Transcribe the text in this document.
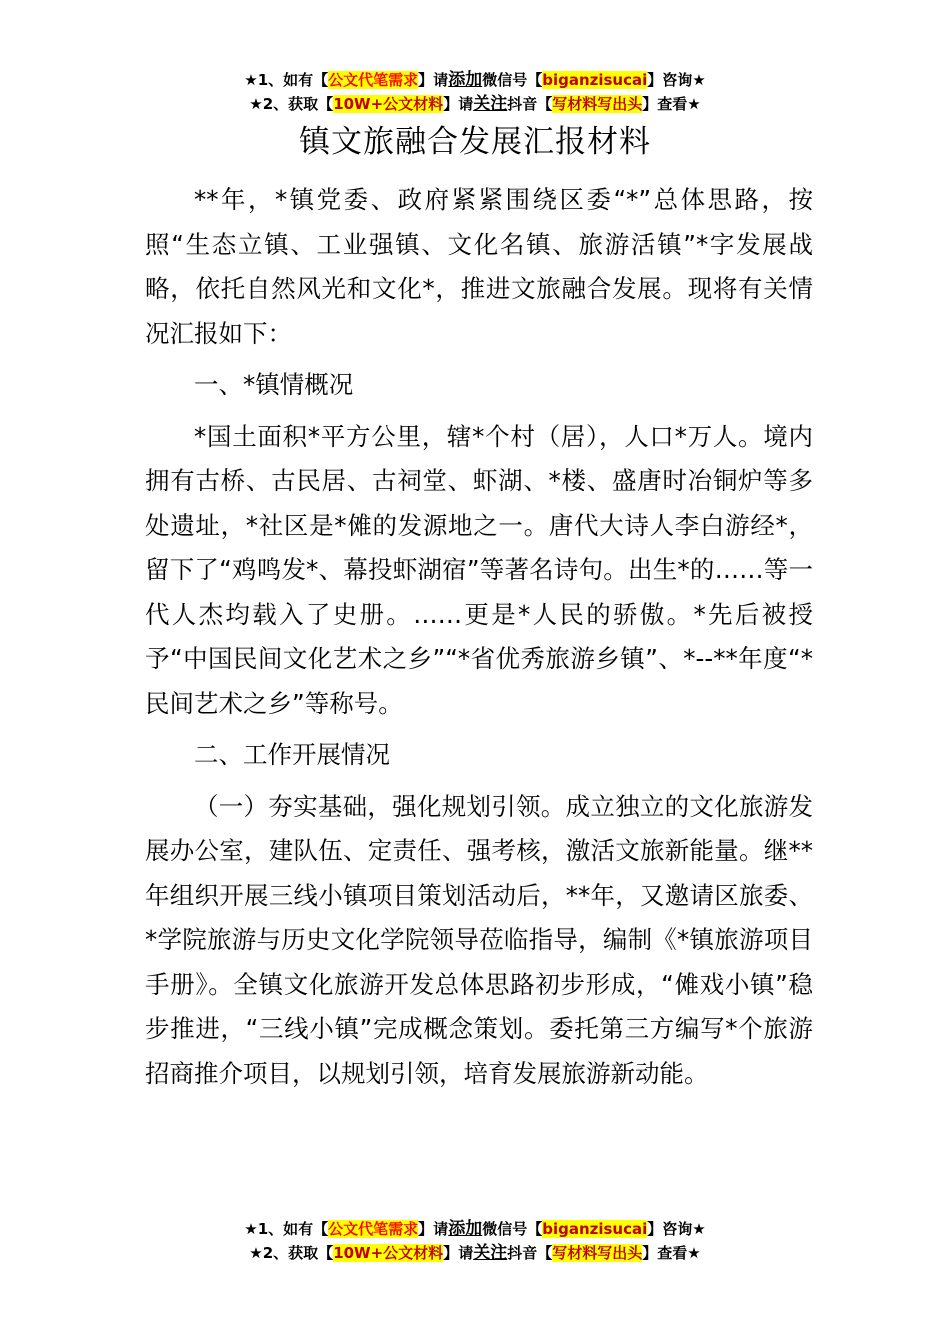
★1、如有【公文代笔需求】请添加微信号【biganzisucai】咨询★
★2、获取【10W+公文材料】请关注抖音【写材料写出头】查看★
镇文旅融合发展汇报材料

**年，*镇党委、政府紧紧围绕区委“*”总体思路，按照“生态立镇、工业强镇、文化名镇、旅游活镇”*字发展战略，依托自然风光和文化*，推进文旅融合发展。现将有关情况汇报如下：

一、*镇情概况

*国土面积*平方公里，辖*个村（居），人口*万人。境内拥有古桥、古民居、古祠堂、虾湖、*楼、盛唐时冶铜炉等多处遗址，*社区是*傩的发源地之一。唐代大诗人李白游经*，留下了“鸡鸣发*、幕投虾湖宿”等著名诗句。出生*的……等一代人杰均载入了史册。……更是*人民的骄傲。*先后被授予“中国民间文化艺术之乡”“*省优秀旅游乡镇”、*--**年度“*民间艺术之乡”等称号。

二、工作开展情况

（一）夯实基础，强化规划引领。成立独立的文化旅游发展办公室，建队伍、定责任、强考核，激活文旅新能量。继**年组织开展三线小镇项目策划活动后，**年，又邀请区旅委、*学院旅游与历史文化学院领导莅临指导，编制《*镇旅游项目手册》。全镇文化旅游开发总体思路初步形成，“傩戏小镇”稳步推进，“三线小镇”完成概念策划。委托第三方编写*个旅游招商推介项目，以规划引领，培育发展旅游新动能。

★1、如有【公文代笔需求】请添加微信号【biganzisucai】咨询★
★2、获取【10W+公文材料】请关注抖音【写材料写出头】查看★
